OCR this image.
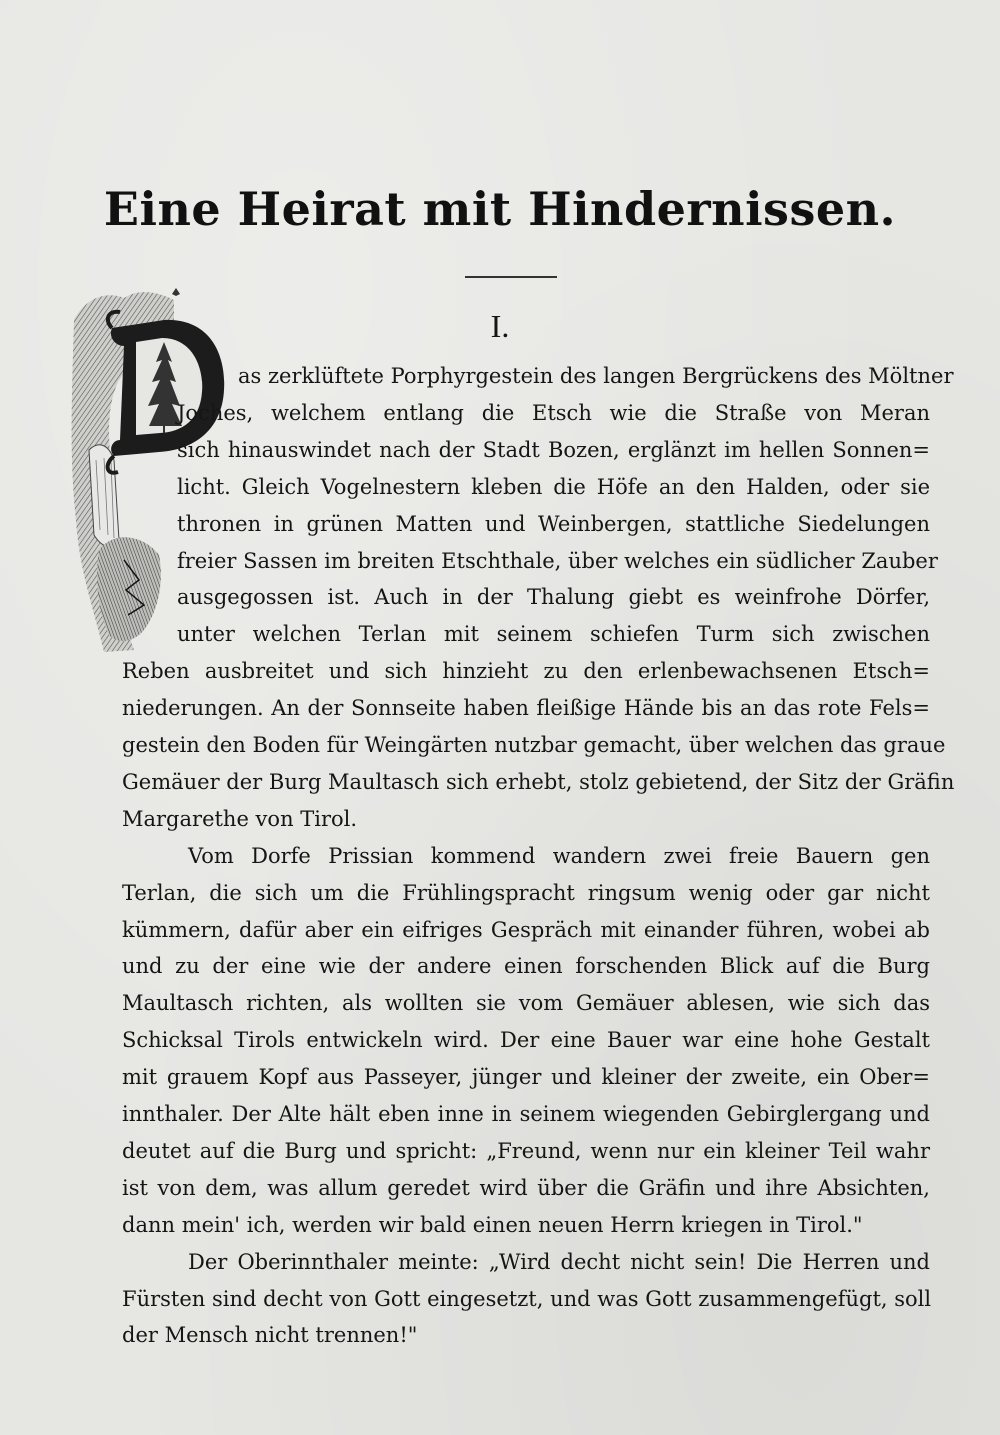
Eine Heirat mit Hindernissen.
I.
as zerklüftete Porphyrgestein des langen Bergrückens des Möltner
Joches, welchem entlang die Etsch wie die Straße von Meran
sich hinauswindet nach der Stadt Bozen, erglänzt im hellen Sonnen=
licht. Gleich Vogelnestern kleben die Höfe an den Halden, oder sie
thronen in grünen Matten und Weinbergen, stattliche Siedelungen
freier Sassen im breiten Etschthale, über welches ein südlicher Zauber
ausgegossen ist. Auch in der Thalung giebt es weinfrohe Dörfer,
unter welchen Terlan mit seinem schiefen Turm sich zwischen
Reben ausbreitet und sich hinzieht zu den erlenbewachsenen Etsch=
niederungen. An der Sonnseite haben fleißige Hände bis an das rote Fels=
gestein den Boden für Weingärten nutzbar gemacht, über welchen das graue
Gemäuer der Burg Maultasch sich erhebt, stolz gebietend, der Sitz der Gräfin
Margarethe von Tirol.
Vom Dorfe Prissian kommend wandern zwei freie Bauern gen
Terlan, die sich um die Frühlingspracht ringsum wenig oder gar nicht
kümmern, dafür aber ein eifriges Gespräch mit einander führen, wobei ab
und zu der eine wie der andere einen forschenden Blick auf die Burg
Maultasch richten, als wollten sie vom Gemäuer ablesen, wie sich das
Schicksal Tirols entwickeln wird. Der eine Bauer war eine hohe Gestalt
mit grauem Kopf aus Passeyer, jünger und kleiner der zweite, ein Ober=
innthaler. Der Alte hält eben inne in seinem wiegenden Gebirglergang und
deutet auf die Burg und spricht: „Freund, wenn nur ein kleiner Teil wahr
ist von dem, was allum geredet wird über die Gräfin und ihre Absichten,
dann mein' ich, werden wir bald einen neuen Herrn kriegen in Tirol."
Der Oberinnthaler meinte: „Wird decht nicht sein! Die Herren und
Fürsten sind decht von Gott eingesetzt, und was Gott zusammengefügt, soll
der Mensch nicht trennen!"
